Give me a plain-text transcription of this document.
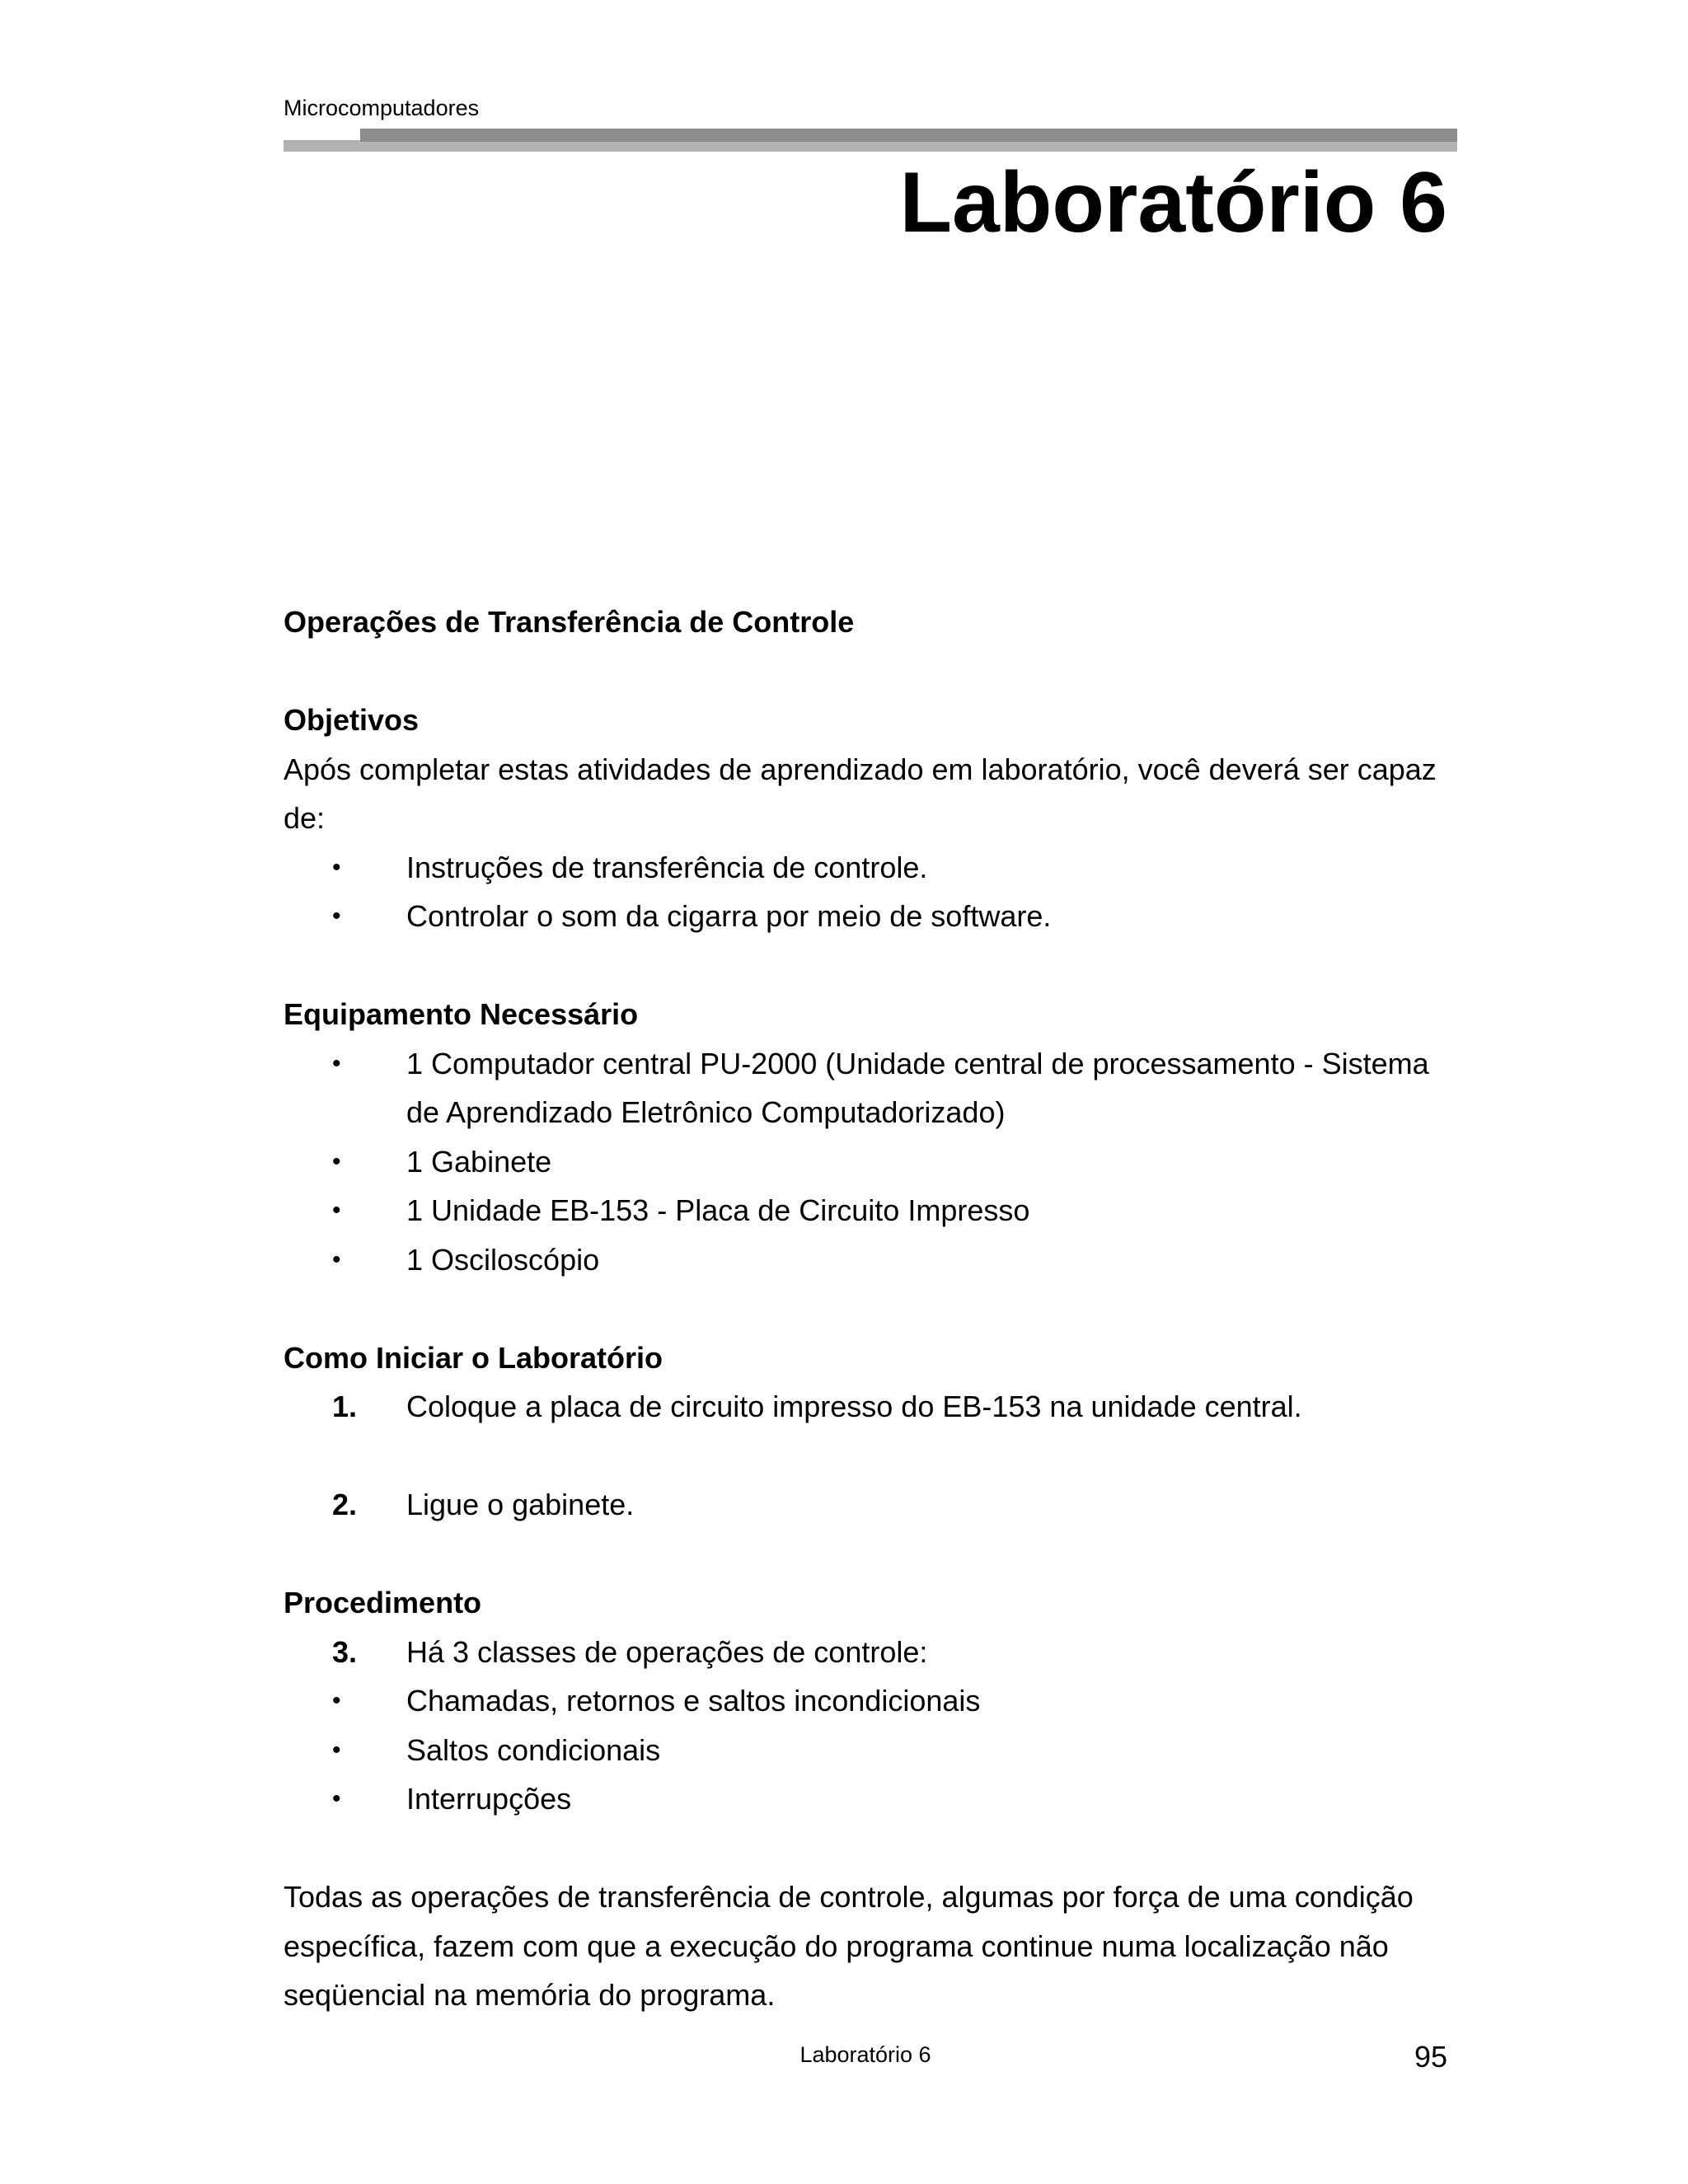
Microcomputadores
Laboratório 6

Operações de Transferência de Controle

Objetivos

Após completar estas atividades de aprendizado em laboratório, você deverá ser capaz de:

•	Instruções de transferência de controle.
•	Controlar o som da cigarra por meio de software.

Equipamento Necessário

•	1 Computador central PU-2000 (Unidade central de processamento - Sistema de Aprendizado Eletrônico Computadorizado)
•	1 Gabinete
•	1 Unidade EB-153 - Placa de Circuito Impresso
•	1 Osciloscópio

Como Iniciar o Laboratório

1.	Coloque a placa de circuito impresso do EB-153 na unidade central.
2.	Ligue o gabinete.

Procedimento

3.	Há 3 classes de operações de controle:
•	Chamadas, retornos e saltos incondicionais
•	Saltos condicionais
•	Interrupções

Todas as operações de transferência de controle, algumas por força de uma condição específica, fazem com que a execução do programa continue numa localização não seqüencial na memória do programa.

Laboratório 6	95
